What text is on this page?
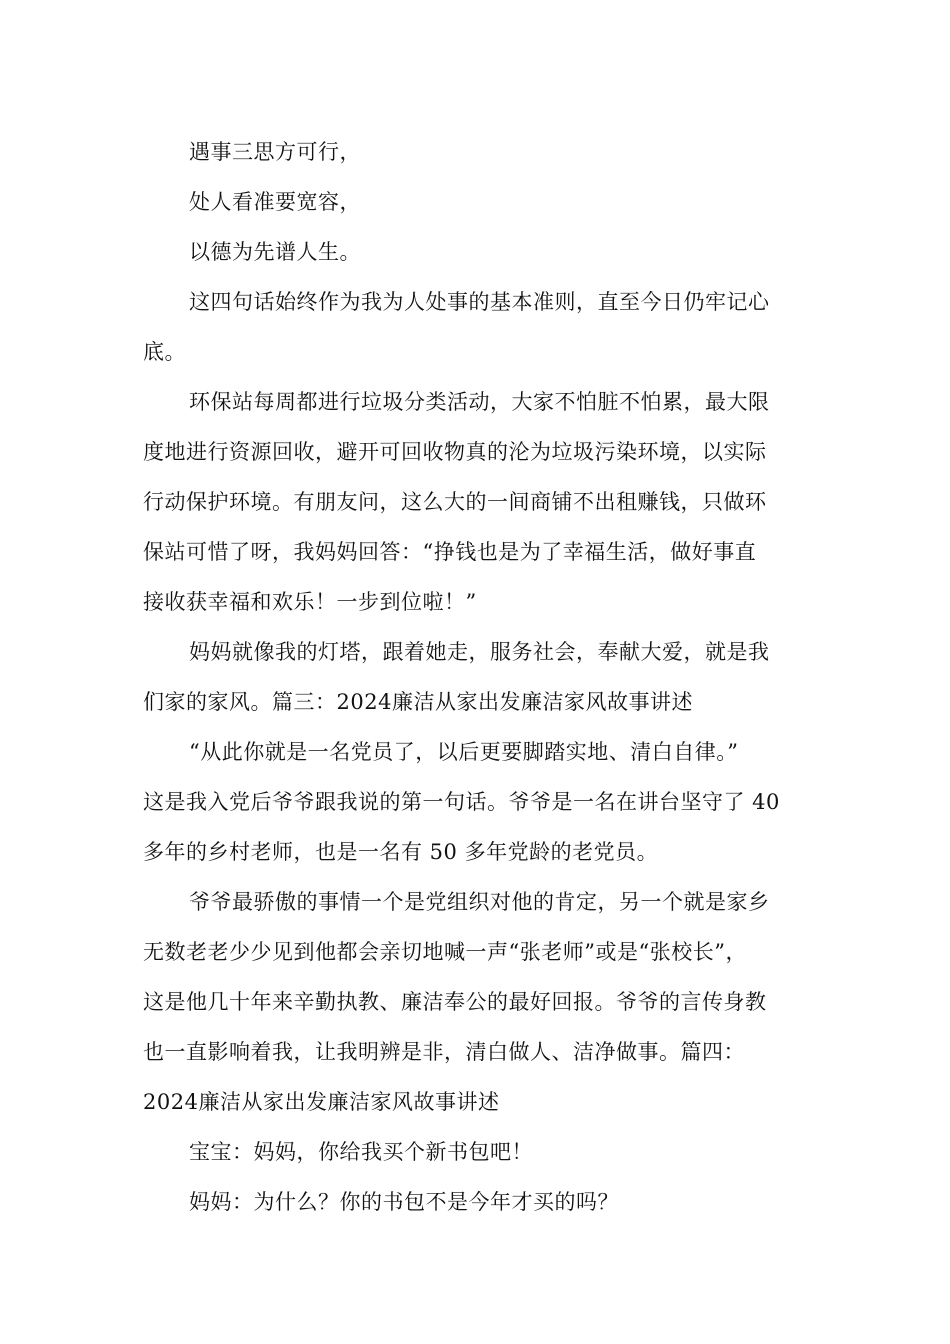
遇事三思方可行，
处人看准要宽容，
以德为先谱人生。
这四句话始终作为我为人处事的基本准则，直至今日仍牢记心
底。
环保站每周都进行垃圾分类活动，大家不怕脏不怕累，最大限
度地进行资源回收，避开可回收物真的沦为垃圾污染环境，以实际
行动保护环境。有朋友问，这么大的一间商铺不出租赚钱，只做环
保站可惜了呀，我妈妈回答：“挣钱也是为了幸福生活，做好事直
接收获幸福和欢乐！一步到位啦！”
妈妈就像我的灯塔，跟着她走，服务社会，奉献大爱，就是我
们家的家风。篇三：2024廉洁从家出发廉洁家风故事讲述
“从此你就是一名党员了，以后更要脚踏实地、清白自律。”
这是我入党后爷爷跟我说的第一句话。爷爷是一名在讲台坚守了 40
多年的乡村老师，也是一名有 50 多年党龄的老党员。
爷爷最骄傲的事情一个是党组织对他的肯定，另一个就是家乡
无数老老少少见到他都会亲切地喊一声“张老师”或是“张校长”，
这是他几十年来辛勤执教、廉洁奉公的最好回报。爷爷的言传身教
也一直影响着我，让我明辨是非，清白做人、洁净做事。篇四：
2024廉洁从家出发廉洁家风故事讲述
宝宝：妈妈，你给我买个新书包吧！
妈妈：为什么？你的书包不是今年才买的吗？
